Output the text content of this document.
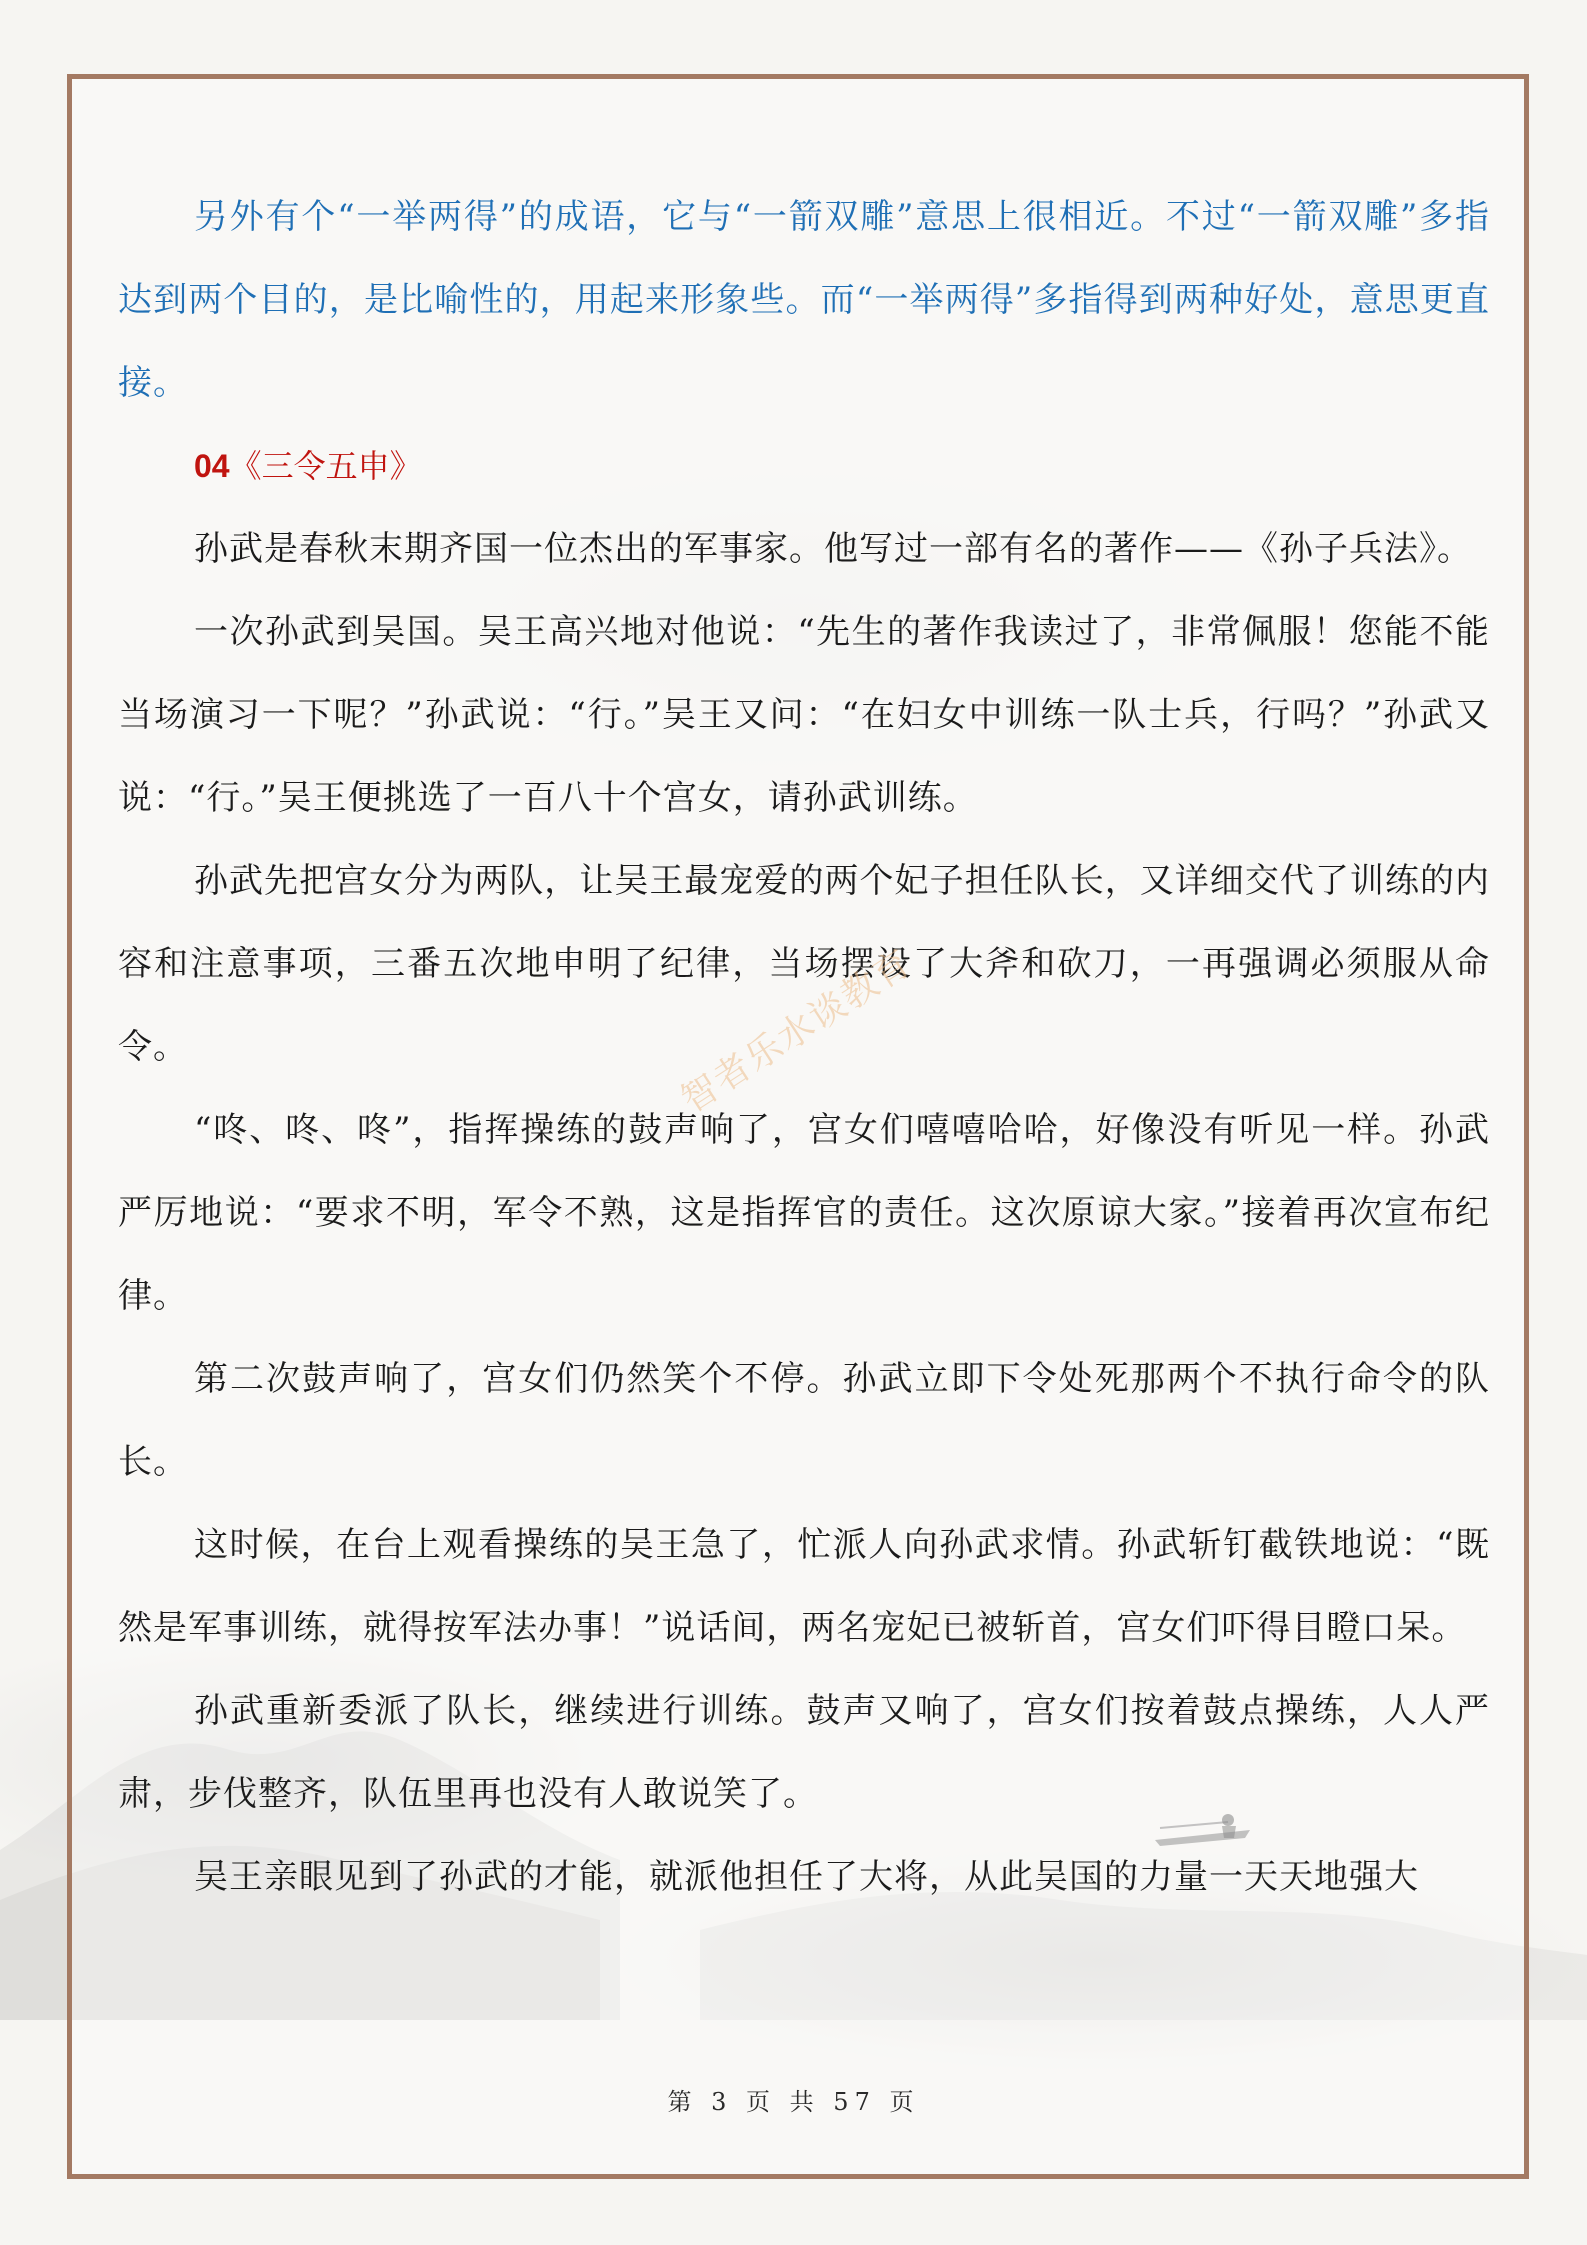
另外有个“一举两得”的成语，它与“一箭双雕”意思上很相近。不过“一箭双雕”多指达到两个目的，是比喻性的，用起来形象些。而“一举两得”多指得到两种好处，意思更直接。

04《三令五申》

孙武是春秋末期齐国一位杰出的军事家。他写过一部有名的著作——《孙子兵法》。

一次孙武到吴国。吴王高兴地对他说：“先生的著作我读过了，非常佩服！您能不能当场演习一下呢？”孙武说：“行。”吴王又问：“在妇女中训练一队士兵，行吗？”孙武又说：“行。”吴王便挑选了一百八十个宫女，请孙武训练。

孙武先把宫女分为两队，让吴王最宠爱的两个妃子担任队长，又详细交代了训练的内容和注意事项，三番五次地申明了纪律，当场摆设了大斧和砍刀，一再强调必须服从命令。

“咚、咚、咚”，指挥操练的鼓声响了，宫女们嘻嘻哈哈，好像没有听见一样。孙武严厉地说：“要求不明，军令不熟，这是指挥官的责任。这次原谅大家。”接着再次宣布纪律。

第二次鼓声响了，宫女们仍然笑个不停。孙武立即下令处死那两个不执行命令的队长。

这时候，在台上观看操练的吴王急了，忙派人向孙武求情。孙武斩钉截铁地说：“既然是军事训练，就得按军法办事！”说话间，两名宠妃已被斩首，宫女们吓得目瞪口呆。

孙武重新委派了队长，继续进行训练。鼓声又响了，宫女们按着鼓点操练，人人严肃，步伐整齐，队伍里再也没有人敢说笑了。

吴王亲眼见到了孙武的才能，就派他担任了大将，从此吴国的力量一天天地强大

智者乐水谈教育
第 3 页 共 57 页
